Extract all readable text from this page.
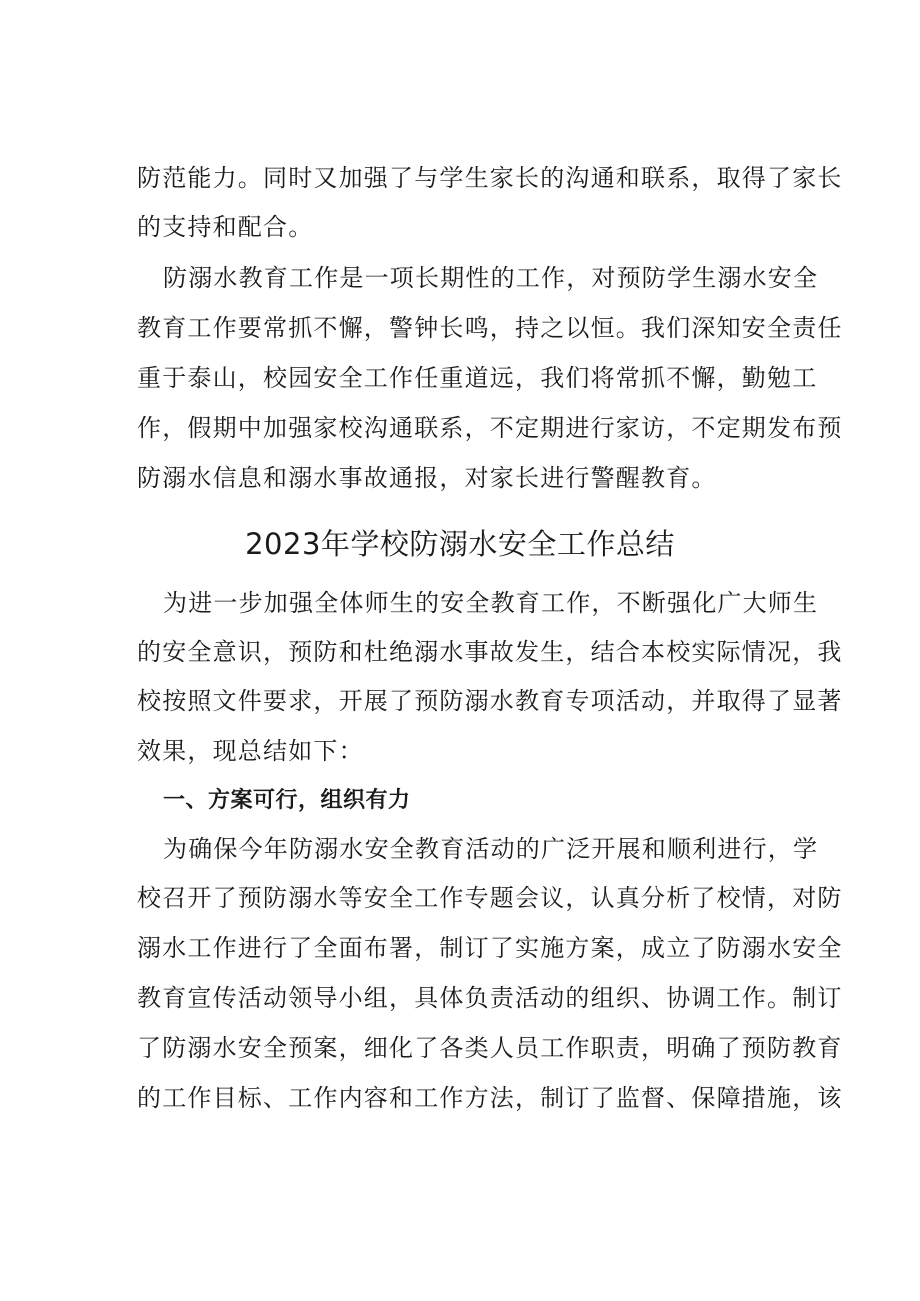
防范能力。同时又加强了与学生家长的沟通和联系，取得了家长
的支持和配合。
防溺水教育工作是一项长期性的工作，对预防学生溺水安全
教育工作要常抓不懈，警钟长鸣，持之以恒。我们深知安全责任
重于泰山，校园安全工作任重道远，我们将常抓不懈，勤勉工
作，假期中加强家校沟通联系，不定期进行家访，不定期发布预
防溺水信息和溺水事故通报，对家长进行警醒教育。
2023年学校防溺水安全工作总结
为进一步加强全体师生的安全教育工作，不断强化广大师生
的安全意识，预防和杜绝溺水事故发生，结合本校实际情况，我
校按照文件要求，开展了预防溺水教育专项活动，并取得了显著
效果，现总结如下：
一、方案可行，组织有力
为确保今年防溺水安全教育活动的广泛开展和顺利进行，学
校召开了预防溺水等安全工作专题会议，认真分析了校情，对防
溺水工作进行了全面布署，制订了实施方案，成立了防溺水安全
教育宣传活动领导小组，具体负责活动的组织、协调工作。制订
了防溺水安全预案，细化了各类人员工作职责，明确了预防教育
的工作目标、工作内容和工作方法，制订了监督、保障措施，该
